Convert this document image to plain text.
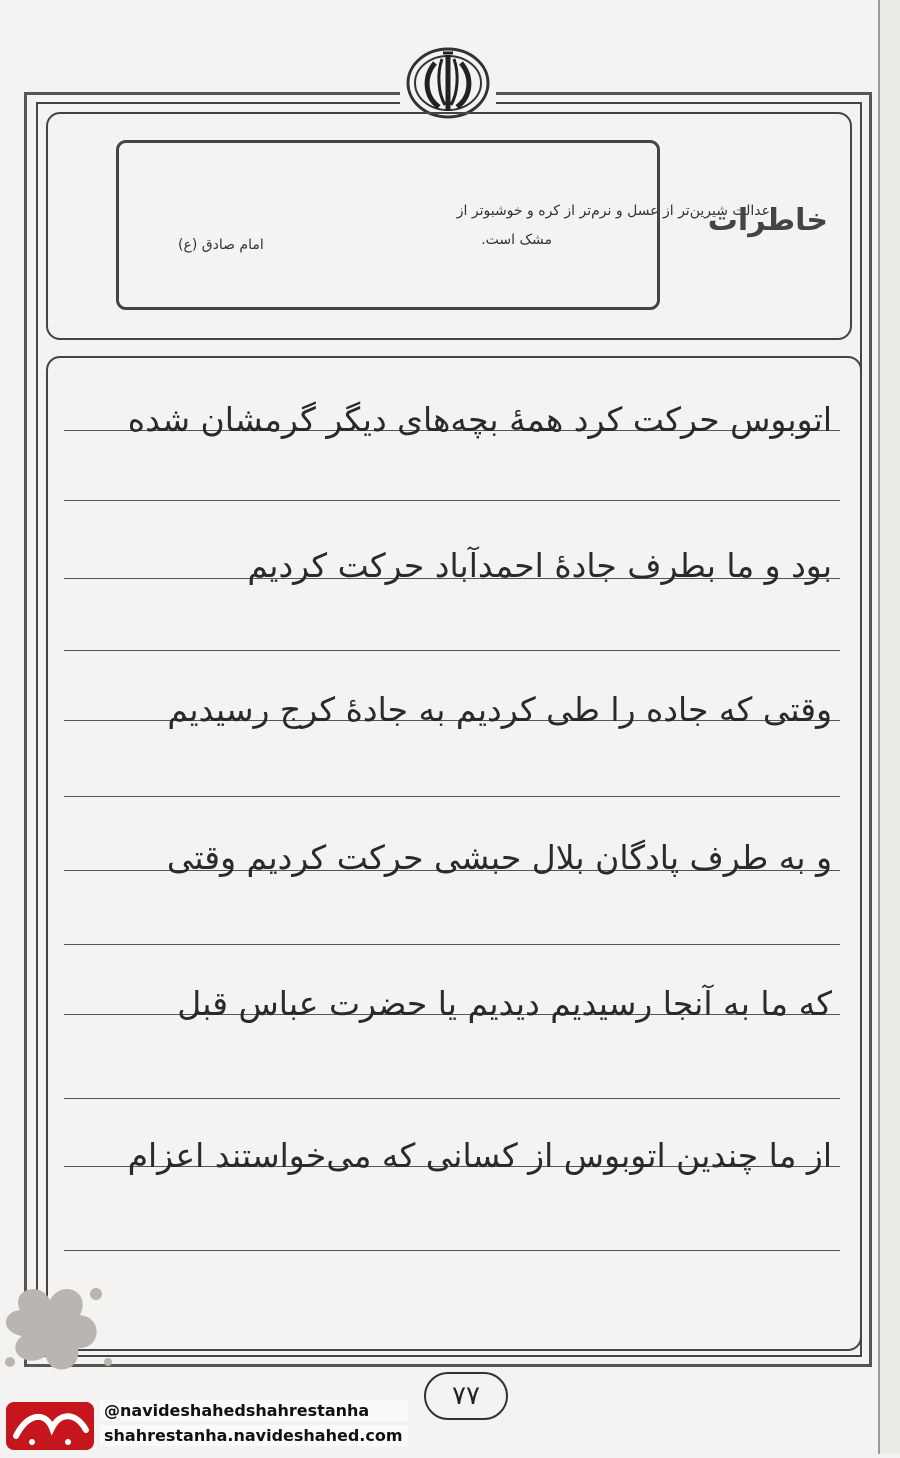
عدالت شیرین‌تر از عسل و نرم‌تر از کره و خوشبوتر از
مشک است.
امام صادق (ع)
خاطرات
اتوبوس حرکت کرد همهٔ بچه‌های دیگر گرمشان شده
بود و ما بطرف جادهٔ احمدآباد حرکت کردیم
وقتی که جاده را طی کردیم به جادهٔ کرج رسیدیم
و به طرف پادگان بلال حبشی حرکت کردیم وقتی
که ما به آنجا رسیدیم دیدیم یا حضرت عباس قبل
از ما چندین اتوبوس از کسانی که می‌خواستند اعزام
۷۷
@navideshahedshahrestanha
shahrestanha.navideshahed.com
